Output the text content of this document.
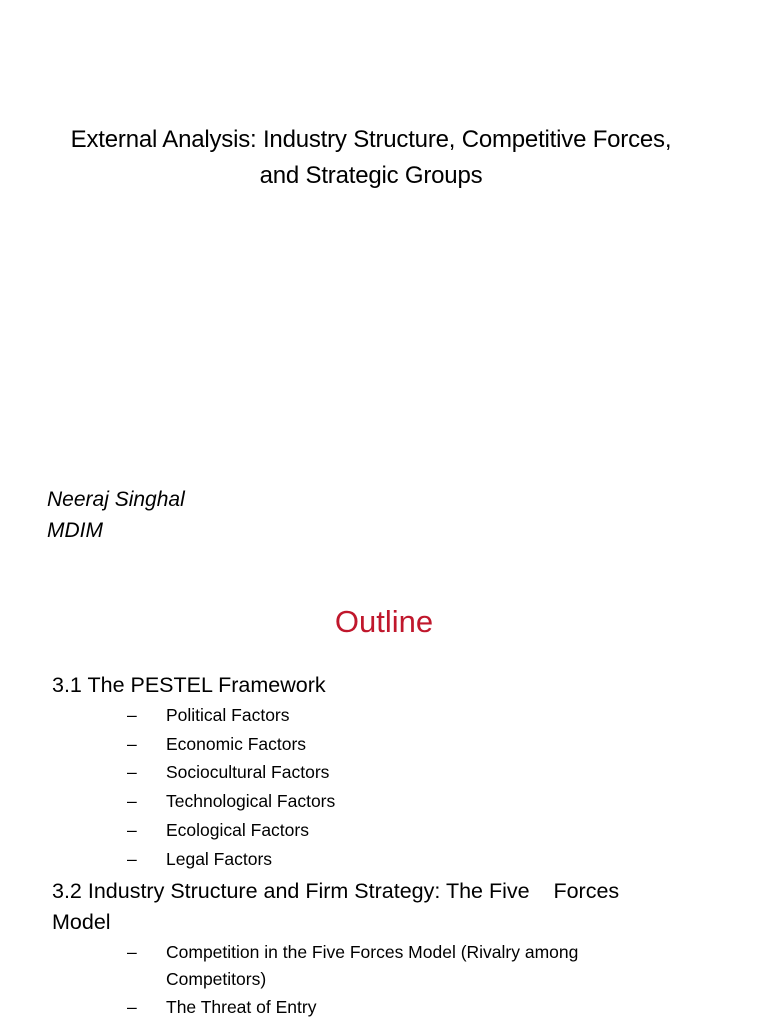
External Analysis: Industry Structure, Competitive Forces,
and Strategic Groups
Neeraj Singhal
MDIM
Outline
3.1 The PESTEL Framework
– Political Factors
– Economic Factors
– Sociocultural Factors
– Technological Factors
– Ecological Factors
– Legal Factors
3.2 Industry Structure and Firm Strategy: The Five    Forces
Model
– Competition in the Five Forces Model (Rivalry among Competitors)
– The Threat of Entry
